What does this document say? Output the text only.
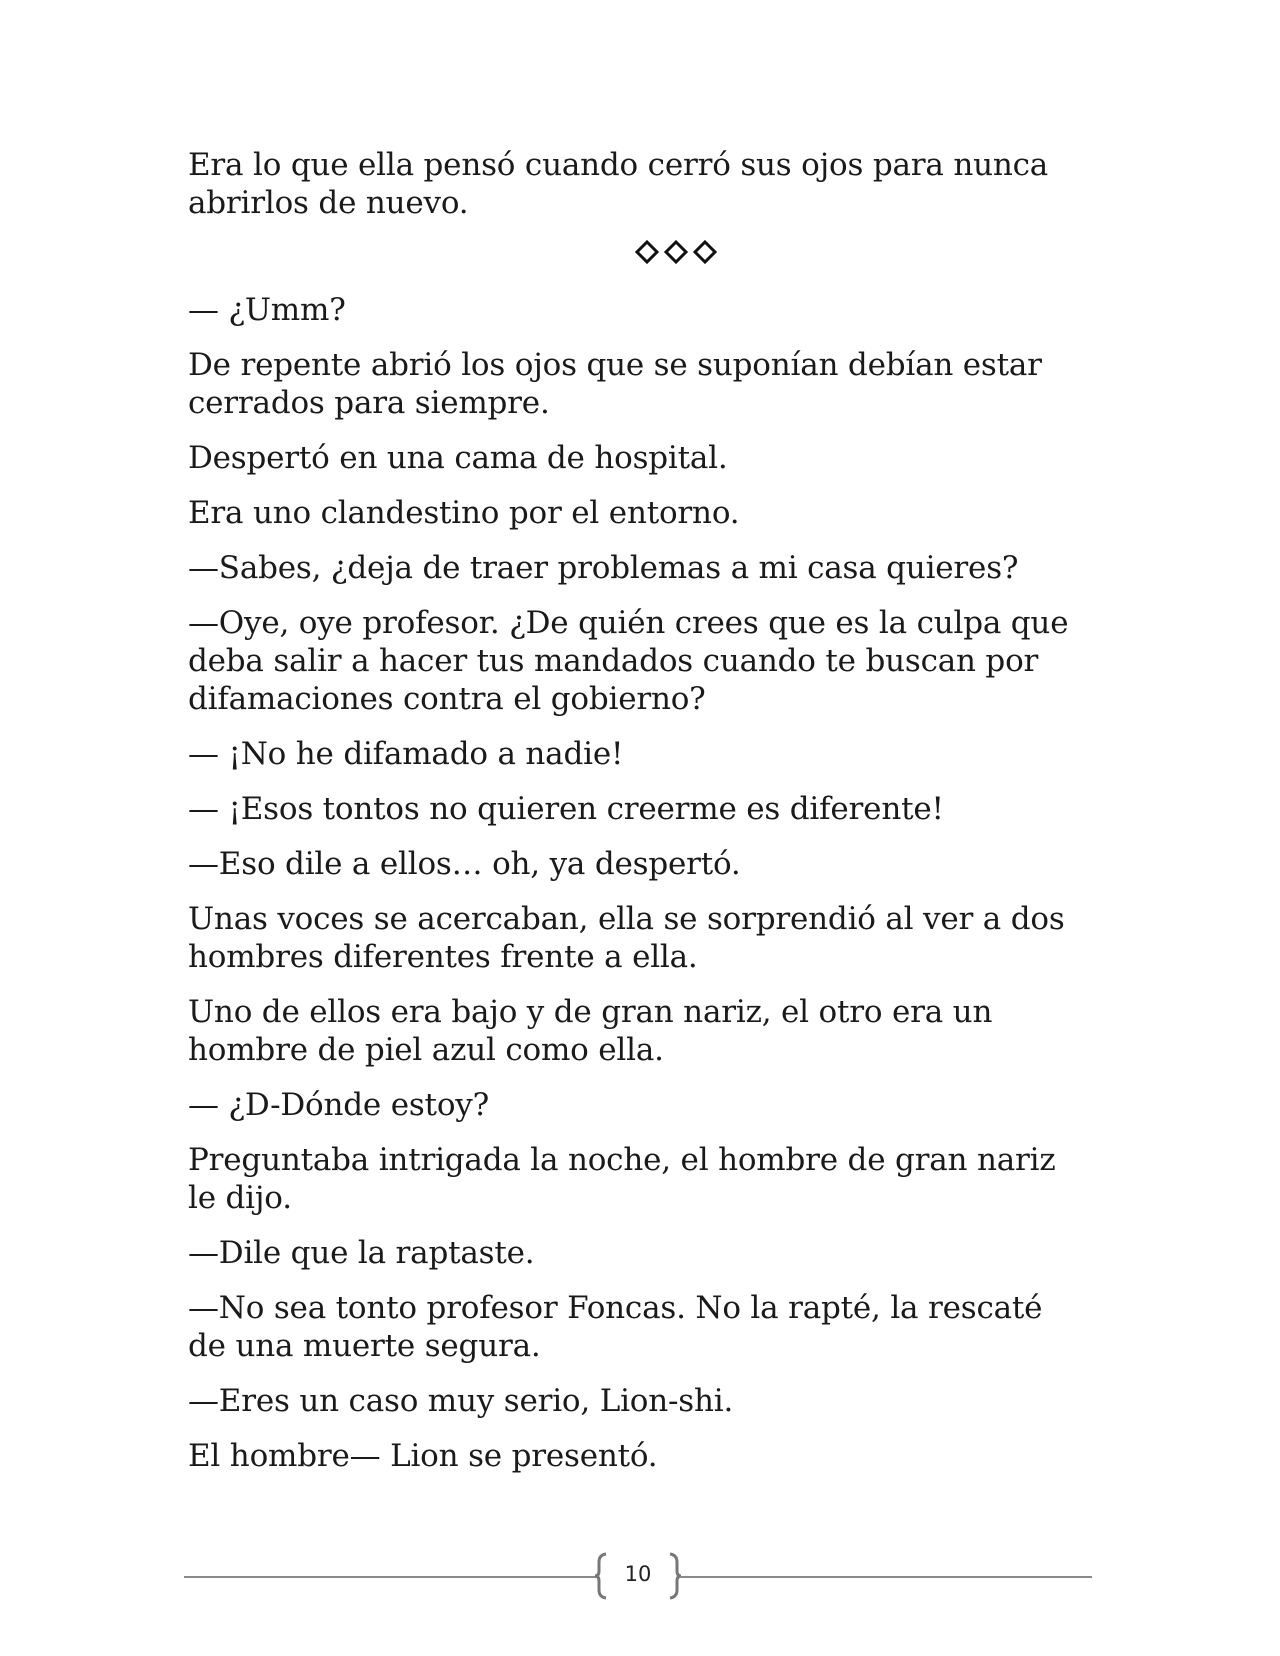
Era lo que ella pensó cuando cerró sus ojos para nunca abrirlos de nuevo.

— ¿Umm?

De repente abrió los ojos que se suponían debían estar cerrados para siempre.

Despertó en una cama de hospital.

Era uno clandestino por el entorno.

—Sabes, ¿deja de traer problemas a mi casa quieres?

—Oye, oye profesor. ¿De quién crees que es la culpa que deba salir a hacer tus mandados cuando te buscan por difamaciones contra el gobierno?

— ¡No he difamado a nadie!

— ¡Esos tontos no quieren creerme es diferente!

—Eso dile a ellos… oh, ya despertó.

Unas voces se acercaban, ella se sorprendió al ver a dos hombres diferentes frente a ella.

Uno de ellos era bajo y de gran nariz, el otro era un hombre de piel azul como ella.

— ¿D-Dónde estoy?

Preguntaba intrigada la noche, el hombre de gran nariz le dijo.

—Dile que la raptaste.

—No sea tonto profesor Foncas. No la rapté, la rescaté de una muerte segura.

—Eres un caso muy serio, Lion-shi.

El hombre— Lion se presentó.

10
